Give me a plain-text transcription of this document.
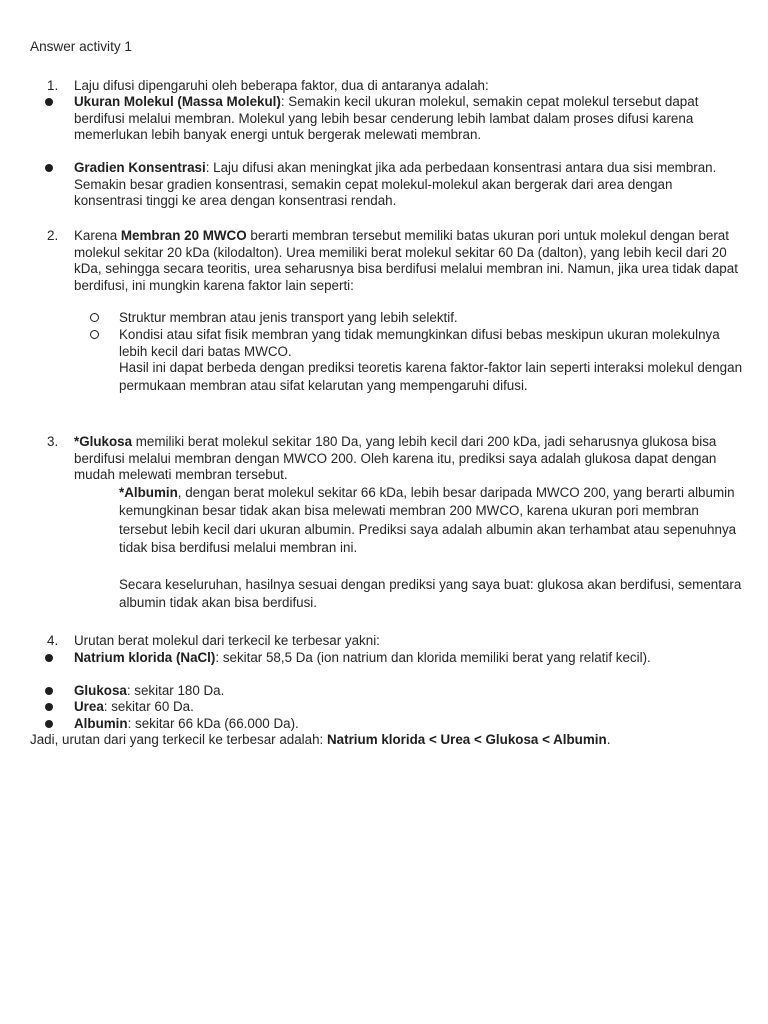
Answer activity 1
1. Laju difusi dipengaruhi oleh beberapa faktor, dua di antaranya adalah:
Ukuran Molekul (Massa Molekul): Semakin kecil ukuran molekul, semakin cepat molekul tersebut dapat berdifusi melalui membran. Molekul yang lebih besar cenderung lebih lambat dalam proses difusi karena memerlukan lebih banyak energi untuk bergerak melewati membran.
Gradien Konsentrasi: Laju difusi akan meningkat jika ada perbedaan konsentrasi antara dua sisi membran. Semakin besar gradien konsentrasi, semakin cepat molekul-molekul akan bergerak dari area dengan konsentrasi tinggi ke area dengan konsentrasi rendah.
2. Karena Membran 20 MWCO berarti membran tersebut memiliki batas ukuran pori untuk molekul dengan berat molekul sekitar 20 kDa (kilodalton). Urea memiliki berat molekul sekitar 60 Da (dalton), yang lebih kecil dari 20 kDa, sehingga secara teoritis, urea seharusnya bisa berdifusi melalui membran ini. Namun, jika urea tidak dapat berdifusi, ini mungkin karena faktor lain seperti:
Struktur membran atau jenis transport yang lebih selektif.
Kondisi atau sifat fisik membran yang tidak memungkinkan difusi bebas meskipun ukuran molekulnya lebih kecil dari batas MWCO.
Hasil ini dapat berbeda dengan prediksi teoretis karena faktor-faktor lain seperti interaksi molekul dengan permukaan membran atau sifat kelarutan yang mempengaruhi difusi.
3. *Glukosa memiliki berat molekul sekitar 180 Da, yang lebih kecil dari 200 kDa, jadi seharusnya glukosa bisa berdifusi melalui membran dengan MWCO 200. Oleh karena itu, prediksi saya adalah glukosa dapat dengan mudah melewati membran tersebut.
*Albumin, dengan berat molekul sekitar 66 kDa, lebih besar daripada MWCO 200, yang berarti albumin kemungkinan besar tidak akan bisa melewati membran 200 MWCO, karena ukuran pori membran tersebut lebih kecil dari ukuran albumin. Prediksi saya adalah albumin akan terhambat atau sepenuhnya tidak bisa berdifusi melalui membran ini.
Secara keseluruhan, hasilnya sesuai dengan prediksi yang saya buat: glukosa akan berdifusi, sementara albumin tidak akan bisa berdifusi.
4. Urutan berat molekul dari terkecil ke terbesar yakni:
Natrium klorida (NaCl): sekitar 58,5 Da (ion natrium dan klorida memiliki berat yang relatif kecil).
Glukosa: sekitar 180 Da.
Urea: sekitar 60 Da.
Albumin: sekitar 66 kDa (66.000 Da).
Jadi, urutan dari yang terkecil ke terbesar adalah: Natrium klorida < Urea < Glukosa < Albumin.
